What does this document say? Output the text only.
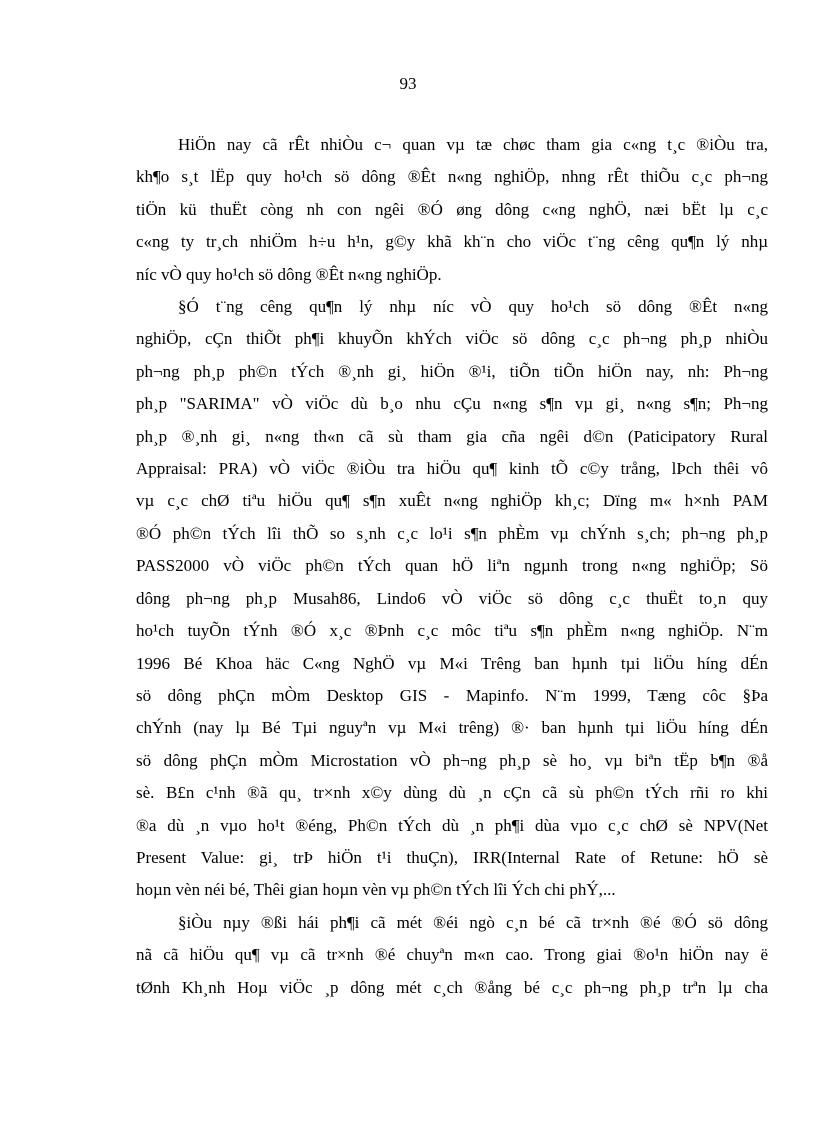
93
HiÖn nay cã rÊt nhiÒu c¬ quan vµ tæ chøc tham gia c«ng t¸c ®iÒu tra,
kh¶o s¸t lËp quy ho¹ch sö dông ®Êt n«ng nghiÖp, nhng rÊt thiÕu c¸c ph¬ng
tiÖn kü thuËt còng nh con ngêi ®Ó øng dông c«ng nghÖ, næi bËt lµ c¸c
c«ng ty tr¸ch nhiÖm h÷u h¹n, g©y khã kh¨n cho viÖc t¨ng cêng qu¶n lý nhµ
níc vÒ quy ho¹ch sö dông ®Êt n«ng nghiÖp.
§Ó t¨ng cêng qu¶n lý nhµ níc vÒ quy ho¹ch sö dông ®Êt n«ng
nghiÖp, cÇn thiÕt ph¶i khuyÕn khÝch viÖc sö dông c¸c ph¬ng ph¸p nhiÒu
ph¬ng ph¸p ph©n tÝch ®¸nh gi¸ hiÖn ®¹i, tiÕn tiÕn hiÖn nay, nh: Ph¬ng
ph¸p "SARIMA" vÒ viÖc dù b¸o nhu cÇu n«ng s¶n vµ gi¸ n«ng s¶n; Ph¬ng
ph¸p ®¸nh gi¸ n«ng th«n cã sù tham gia cña ngêi d©n (Paticipatory Rural
Appraisal: PRA) vÒ viÖc ®iÒu tra hiÖu qu¶ kinh tÕ c©y trång, lÞch thêi vô
vµ c¸c chØ tiªu hiÖu qu¶ s¶n xuÊt n«ng nghiÖp kh¸c; Dïng m« h×nh PAM
®Ó ph©n tÝch lîi thÕ so s¸nh c¸c lo¹i s¶n phÈm vµ chÝnh s¸ch; ph¬ng ph¸p
PASS2000 vÒ viÖc ph©n tÝch quan hÖ liªn ngµnh trong n«ng nghiÖp; Sö
dông ph¬ng ph¸p Musah86, Lindo6 vÒ viÖc sö dông c¸c thuËt to¸n quy
ho¹ch tuyÕn tÝnh ®Ó x¸c ®Þnh c¸c môc tiªu s¶n phÈm n«ng nghiÖp. N¨m
1996 Bé Khoa häc C«ng NghÖ vµ M«i Trêng ban hµnh tµi liÖu híng dÉn
sö dông phÇn mÒm Desktop GIS - Mapinfo. N¨m 1999, Tæng côc §Þa
chÝnh (nay lµ Bé Tµi nguyªn vµ M«i trêng) ®· ban hµnh tµi liÖu híng dÉn
sö dông phÇn mÒm Microstation vÒ ph¬ng ph¸p sè ho¸ vµ biªn tËp b¶n ®å
sè. B£n c¹nh ®ã qu¸ tr×nh x©y dùng dù ¸n cÇn cã sù ph©n tÝch rñi ro khi
®a dù ¸n vµo ho¹t ®éng, Ph©n tÝch dù ¸n ph¶i dùa vµo c¸c chØ sè NPV(Net
Present Value: gi¸ trÞ hiÖn t¹i thuÇn), IRR(Internal Rate of Retune: hÖ sè
hoµn vèn néi bé, Thêi gian hoµn vèn vµ ph©n tÝch lîi Ých chi phÝ,...
§iÒu nµy ®ßi hái ph¶i cã mét ®éi ngò c¸n bé cã tr×nh ®é ®Ó sö dông
nã cã hiÖu qu¶ vµ cã tr×nh ®é chuyªn m«n cao. Trong giai ®o¹n hiÖn nay ë
tØnh Kh¸nh Hoµ viÖc ¸p dông mét c¸ch ®ång bé c¸c ph¬ng ph¸p trªn lµ cha
